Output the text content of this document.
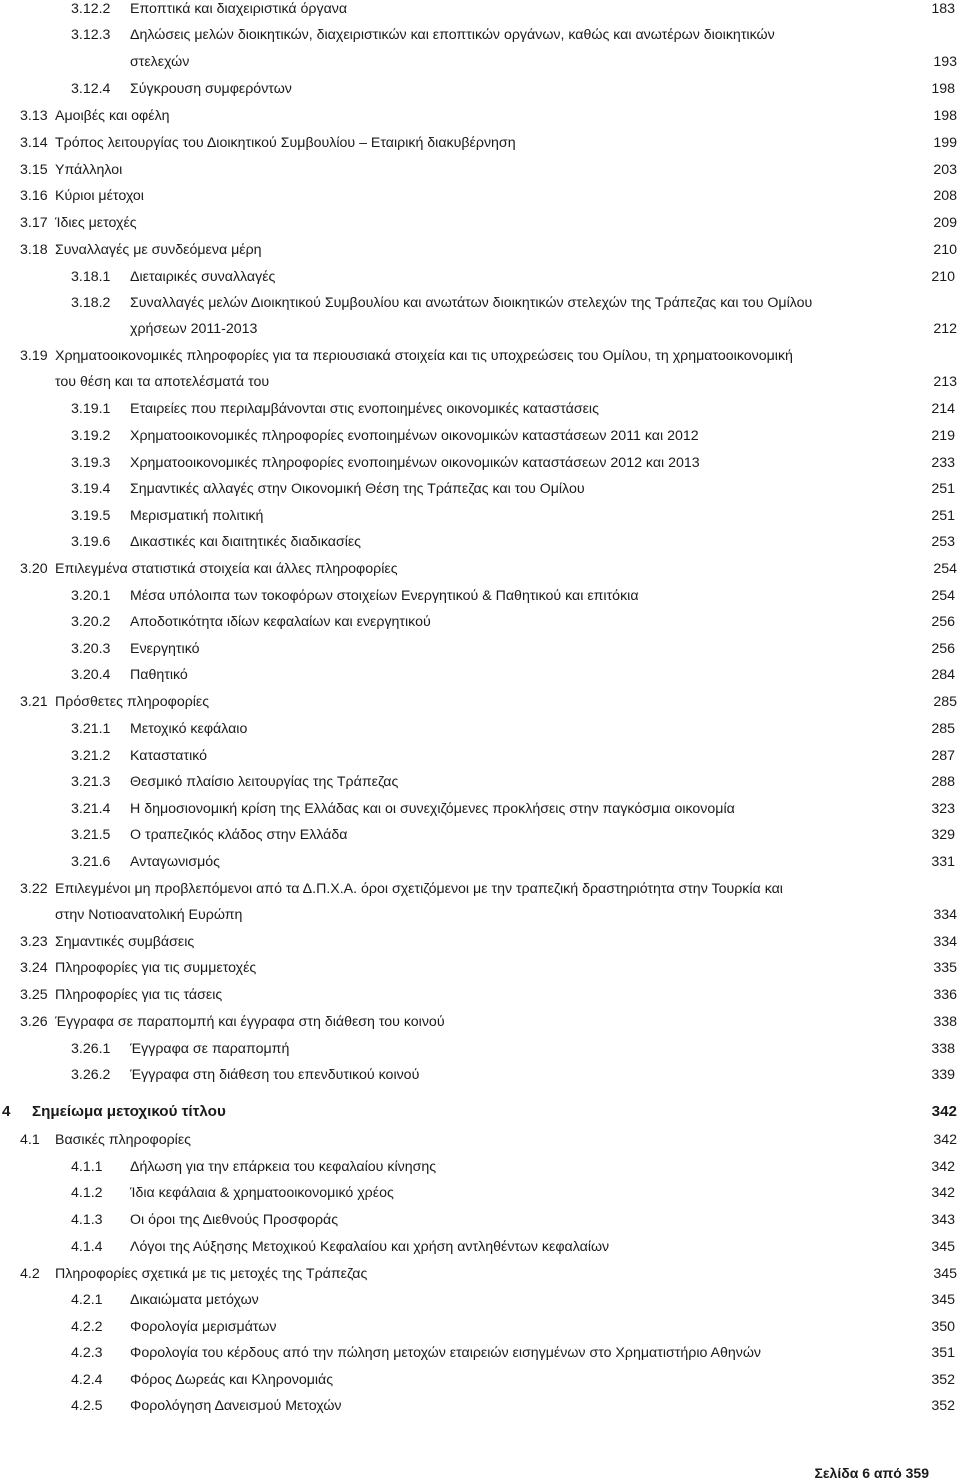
3.12.2 Εποπτικά και διαχειριστικά όργανα	183
3.12.3 Δηλώσεις μελών διοικητικών, διαχειριστικών και εποπτικών οργάνων, καθώς και ανωτέρων διοικητικών
στελεχών	193
3.12.4 Σύγκρουση συμφερόντων	198
3.13 Αμοιβές και οφέλη	198
3.14 Τρόπος λειτουργίας του Διοικητικού Συμβουλίου – Εταιρική διακυβέρνηση	199
3.15 Υπάλληλοι	203
3.16 Κύριοι μέτοχοι	208
3.17 Ίδιες μετοχές	209
3.18 Συναλλαγές με συνδεόμενα μέρη	210
3.18.1 Διεταιρικές συναλλαγές	210
3.18.2 Συναλλαγές μελών Διοικητικού Συμβουλίου και ανωτάτων διοικητικών στελεχών της Τράπεζας και του Ομίλου
χρήσεων 2011-2013	212
3.19 Χρηματοοικονομικές πληροφορίες για τα περιουσιακά στοιχεία και τις υποχρεώσεις του Ομίλου, τη χρηματοοικονομική
του θέση και τα αποτελέσματά του	213
3.19.1 Εταιρείες που περιλαμβάνονται στις ενοποιημένες οικονομικές καταστάσεις	214
3.19.2 Χρηματοοικονομικές πληροφορίες ενοποιημένων οικονομικών καταστάσεων 2011 και 2012	219
3.19.3 Χρηματοοικονομικές πληροφορίες ενοποιημένων οικονομικών καταστάσεων 2012 και 2013	233
3.19.4 Σημαντικές αλλαγές στην Οικονομική Θέση της Τράπεζας και του Ομίλου	251
3.19.5 Μερισματική πολιτική	251
3.19.6 Δικαστικές και διαιτητικές διαδικασίες	253
3.20 Επιλεγμένα στατιστικά στοιχεία και άλλες πληροφορίες	254
3.20.1 Μέσα υπόλοιπα των τοκοφόρων στοιχείων Ενεργητικού & Παθητικού και επιτόκια	254
3.20.2 Αποδοτικότητα ιδίων κεφαλαίων και ενεργητικού	256
3.20.3 Ενεργητικό	256
3.20.4 Παθητικό	284
3.21 Πρόσθετες πληροφορίες	285
3.21.1 Μετοχικό κεφάλαιο	285
3.21.2 Καταστατικό	287
3.21.3 Θεσμικό πλαίσιο λειτουργίας της Τράπεζας	288
3.21.4 Η δημοσιονομική κρίση της Ελλάδας και οι συνεχιζόμενες προκλήσεις στην παγκόσμια οικονομία	323
3.21.5 Ο τραπεζικός κλάδος στην Ελλάδα	329
3.21.6 Ανταγωνισμός	331
3.22 Επιλεγμένοι μη προβλεπόμενοι από τα Δ.Π.Χ.Α. όροι σχετιζόμενοι με την τραπεζική δραστηριότητα στην Τουρκία και
στην Νοτιοανατολική Ευρώπη	334
3.23 Σημαντικές συμβάσεις	334
3.24 Πληροφορίες για τις συμμετοχές	335
3.25 Πληροφορίες για τις τάσεις	336
3.26 Έγγραφα σε παραπομπή και έγγραφα στη διάθεση του κοινού	338
3.26.1 Έγγραφα σε παραπομπή	338
3.26.2 Έγγραφα στη διάθεση του επενδυτικού κοινού	339
4 Σημείωμα μετοχικού τίτλου	342
4.1 Βασικές πληροφορίες	342
4.1.1 Δήλωση για την επάρκεια του κεφαλαίου κίνησης	342
4.1.2 Ίδια κεφάλαια & χρηματοοικονομικό χρέος	342
4.1.3 Οι όροι της Διεθνούς Προσφοράς	343
4.1.4 Λόγοι της Αύξησης Μετοχικού Κεφαλαίου και χρήση αντληθέντων κεφαλαίων	345
4.2 Πληροφορίες σχετικά με τις μετοχές της Τράπεζας	345
4.2.1 Δικαιώματα μετόχων	345
4.2.2 Φορολογία μερισμάτων	350
4.2.3 Φορολογία του κέρδους από την πώληση μετοχών εταιρειών εισηγμένων στο Χρηματιστήριο Αθηνών	351
4.2.4 Φόρος Δωρεάς και Κληρονομιάς	352
4.2.5 Φορολόγηση Δανεισμού Μετοχών	352
Σελίδα 6 από 359
